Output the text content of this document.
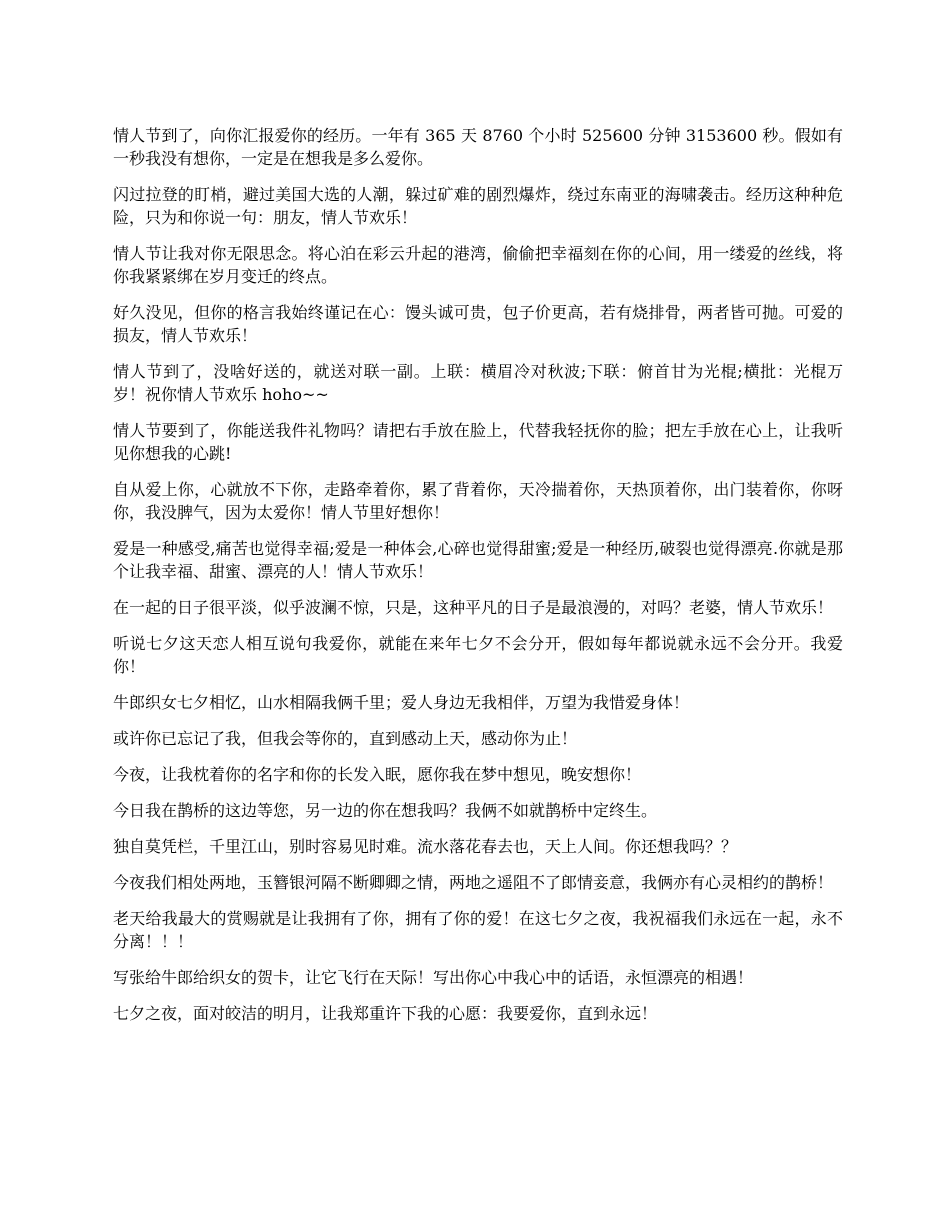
情人节到了，向你汇报爱你的经历。一年有 365 天 8760 个小时 525600 分钟 3153600 秒。假如有一秒我没有想你，一定是在想我是多么爱你。

闪过拉登的盯梢，避过美国大选的人潮，躲过矿难的剧烈爆炸，绕过东南亚的海啸袭击。经历这种种危险，只为和你说一句：朋友，情人节欢乐！

情人节让我对你无限思念。将心泊在彩云升起的港湾，偷偷把幸福刻在你的心间，用一缕爱的丝线，将你我紧紧绑在岁月变迁的终点。

好久没见，但你的格言我始终谨记在心：馒头诚可贵，包子价更高，若有烧排骨，两者皆可抛。可爱的损友，情人节欢乐！

情人节到了，没啥好送的，就送对联一副。上联：横眉冷对秋波;下联：俯首甘为光棍;横批：光棍万岁！祝你情人节欢乐 hoho~~

情人节要到了，你能送我件礼物吗？请把右手放在脸上，代替我轻抚你的脸；把左手放在心上，让我听见你想我的心跳!

自从爱上你，心就放不下你，走路牵着你，累了背着你，天冷揣着你，天热顶着你，出门装着你，你呀你，我没脾气，因为太爱你！情人节里好想你！

爱是一种感受,痛苦也觉得幸福;爱是一种体会,心碎也觉得甜蜜;爱是一种经历,破裂也觉得漂亮.你就是那个让我幸福、甜蜜、漂亮的人！情人节欢乐！

在一起的日子很平淡，似乎波澜不惊，只是，这种平凡的日子是最浪漫的，对吗？老婆，情人节欢乐！

听说七夕这天恋人相互说句我爱你，就能在来年七夕不会分开，假如每年都说就永远不会分开。我爱你！

牛郎织女七夕相忆，山水相隔我俩千里；爱人身边无我相伴，万望为我惜爱身体！

或许你已忘记了我，但我会等你的，直到感动上天，感动你为止！

今夜，让我枕着你的名字和你的长发入眠，愿你我在梦中想见，晚安想你！

今日我在鹊桥的这边等您，另一边的你在想我吗？我俩不如就鹊桥中定终生。

独自莫凭栏，千里江山，别时容易见时难。流水落花春去也，天上人间。你还想我吗？？

今夜我们相处两地，玉簪银河隔不断卿卿之情，两地之遥阻不了郎情妾意，我俩亦有心灵相约的鹊桥！

老天给我最大的赏赐就是让我拥有了你，拥有了你的爱！在这七夕之夜，我祝福我们永远在一起，永不分离！！！

写张给牛郎给织女的贺卡，让它飞行在天际！写出你心中我心中的话语，永恒漂亮的相遇！

七夕之夜，面对皎洁的明月，让我郑重许下我的心愿：我要爱你，直到永远！
